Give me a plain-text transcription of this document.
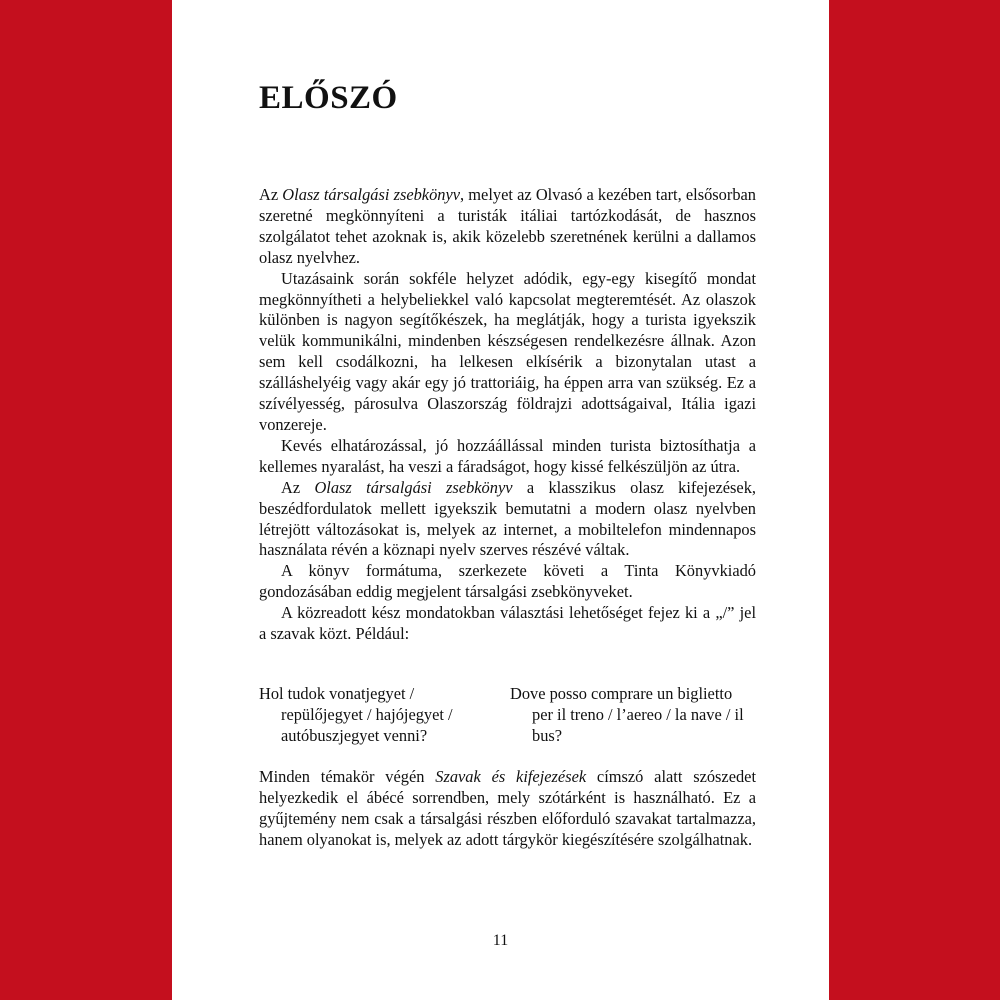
ELŐSZÓ

Az Olasz társalgási zsebkönyv, melyet az Olvasó a kezében tart, elsősorban szeretné megkönnyíteni a turisták itáliai tartózkodását, de hasznos szolgálatot tehet azoknak is, akik közelebb szeretnének kerülni a dallamos olasz nyelvhez.

Utazásaink során sokféle helyzet adódik, egy-egy kisegítő mondat megkönnyítheti a helybeliekkel való kapcsolat megteremtését. Az olaszok különben is nagyon segítőkészek, ha meglátják, hogy a turista igyekszik velük kommunikálni, mindenben készségesen rendelkezésre állnak. Azon sem kell csodálkozni, ha lelkesen elkísérik a bizonytalan utast a szálláshelyéig vagy akár egy jó trattoriáig, ha éppen arra van szükség. Ez a szívélyesség, párosulva Olaszország földrajzi adottságaival, Itália igazi vonzereje.

Kevés elhatározással, jó hozzáállással minden turista biztosíthatja a kellemes nyaralást, ha veszi a fáradságot, hogy kissé felkészüljön az útra.

Az Olasz társalgási zsebkönyv a klasszikus olasz kifejezések, beszédfordulatok mellett igyekszik bemutatni a modern olasz nyelvben létrejött változásokat is, melyek az internet, a mobiltelefon mindennapos használata révén a köznapi nyelv szerves részévé váltak.

A könyv formátuma, szerkezete követi a Tinta Könyvkiadó gondozásában eddig megjelent társalgási zsebkönyveket.

A közreadott kész mondatokban választási lehetőséget fejez ki a „/” jel a szavak közt. Például:

Hol tudok vonatjegyet / repülőjegyet / hajójegyet / autóbuszjegyet venni?

Dove posso comprare un biglietto per il treno / l’aereo / la nave / il bus?

Minden témakör végén Szavak és kifejezések címszó alatt szószedet helyezkedik el ábécé sorrendben, mely szótárként is használható. Ez a gyűjtemény nem csak a társalgási részben előforduló szavakat tartalmazza, hanem olyanokat is, melyek az adott tárgykör kiegészítésére szolgálhatnak.

11
